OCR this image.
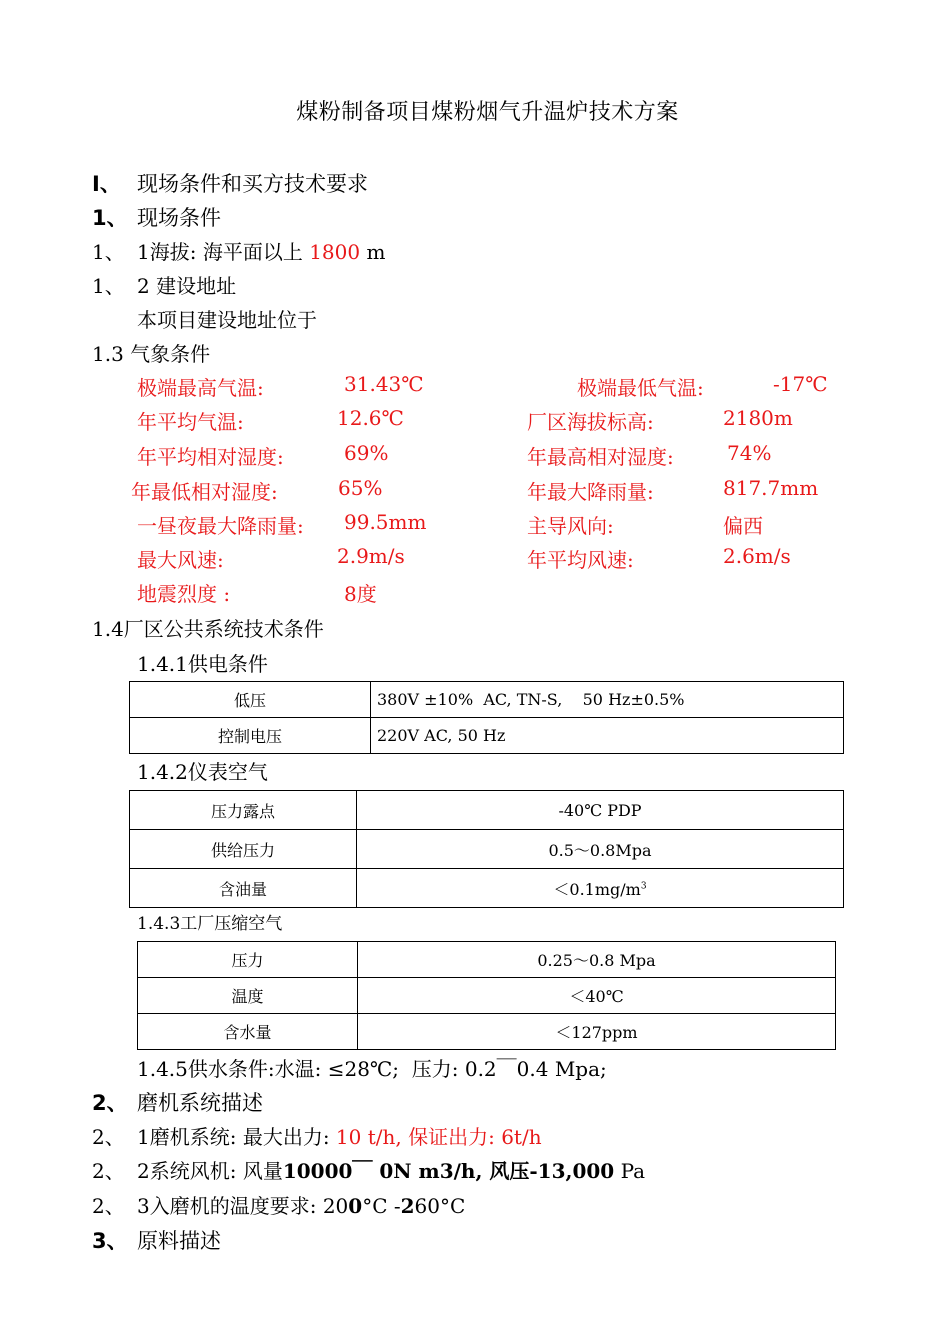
煤粉制备项目煤粉烟气升温炉技术方案
I、 现场条件和买方技术要求
1、 现场条件
1、 1海拔: 海平面以上 1800 m
1、 2 建设地址
本项目建设地址位于
1.3 气象条件
极端最高气温:	31.43℃	极端最低气温:	-17℃
年平均气温:	12.6℃	厂区海拔标高:	2180m
年平均相对湿度:	69%	年最高相对湿度:	74%
年最低相对湿度:	65%	年最大降雨量:	817.7mm
一昼夜最大降雨量: 99.5mm	主导风向:	偏西
最大风速:	2.9m/s	年平均风速:	2.6m/s
地震烈度 :	8度
1.4厂区公共系统技术条件
1.4.1供电条件
低压	380V ±10%  AC, TN-S,    50 Hz±0.5%
控制电压	220V AC, 50 Hz
1.4.2仪表空气
压力露点	-40℃ PDP
供给压力	0.5～0.8Mpa
含油量	$<0.1mg/m^3$
1.4.3工厂压缩空气
压力	0.25～0.8 Mpa
温度	＜40℃
含水量	＜127ppm
1.4.5供水条件:水温: ≤28℃;  压力: 0.2￣0.4 Mpa;
2、 磨机系统描述
2、 1磨机系统: 最大出力: 10 t/h, 保证出力: 6t/h
2、 2系统风机: 风量10000￣ 0N m3/h, 风压-13,000 Pa
2、 3入磨机的温度要求: 200°C -260°C
3、 原料描述
